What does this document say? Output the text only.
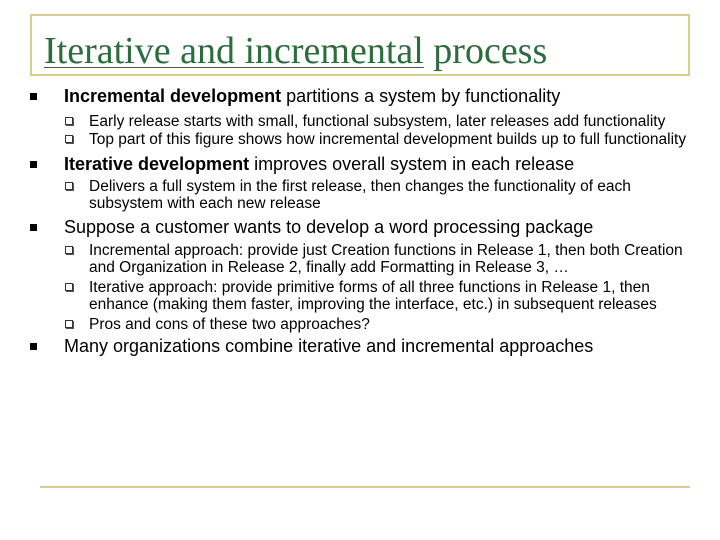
Iterative and incremental process
Incremental development partitions a system by functionality
Early release starts with small, functional subsystem, later releases add functionality
Top part of this figure shows how incremental development builds up to full functionality
Iterative development improves overall system in each release
Delivers a full system in the first release, then changes the functionality of each subsystem with each new release
Suppose a customer wants to develop a word processing package
Incremental approach: provide just Creation functions in Release 1, then both Creation and Organization in Release 2, finally add Formatting in Release 3, …
Iterative approach: provide primitive forms of all three functions in Release 1, then enhance (making them faster, improving the interface, etc.) in subsequent releases
Pros and cons of these two approaches?
Many organizations combine iterative and incremental approaches
